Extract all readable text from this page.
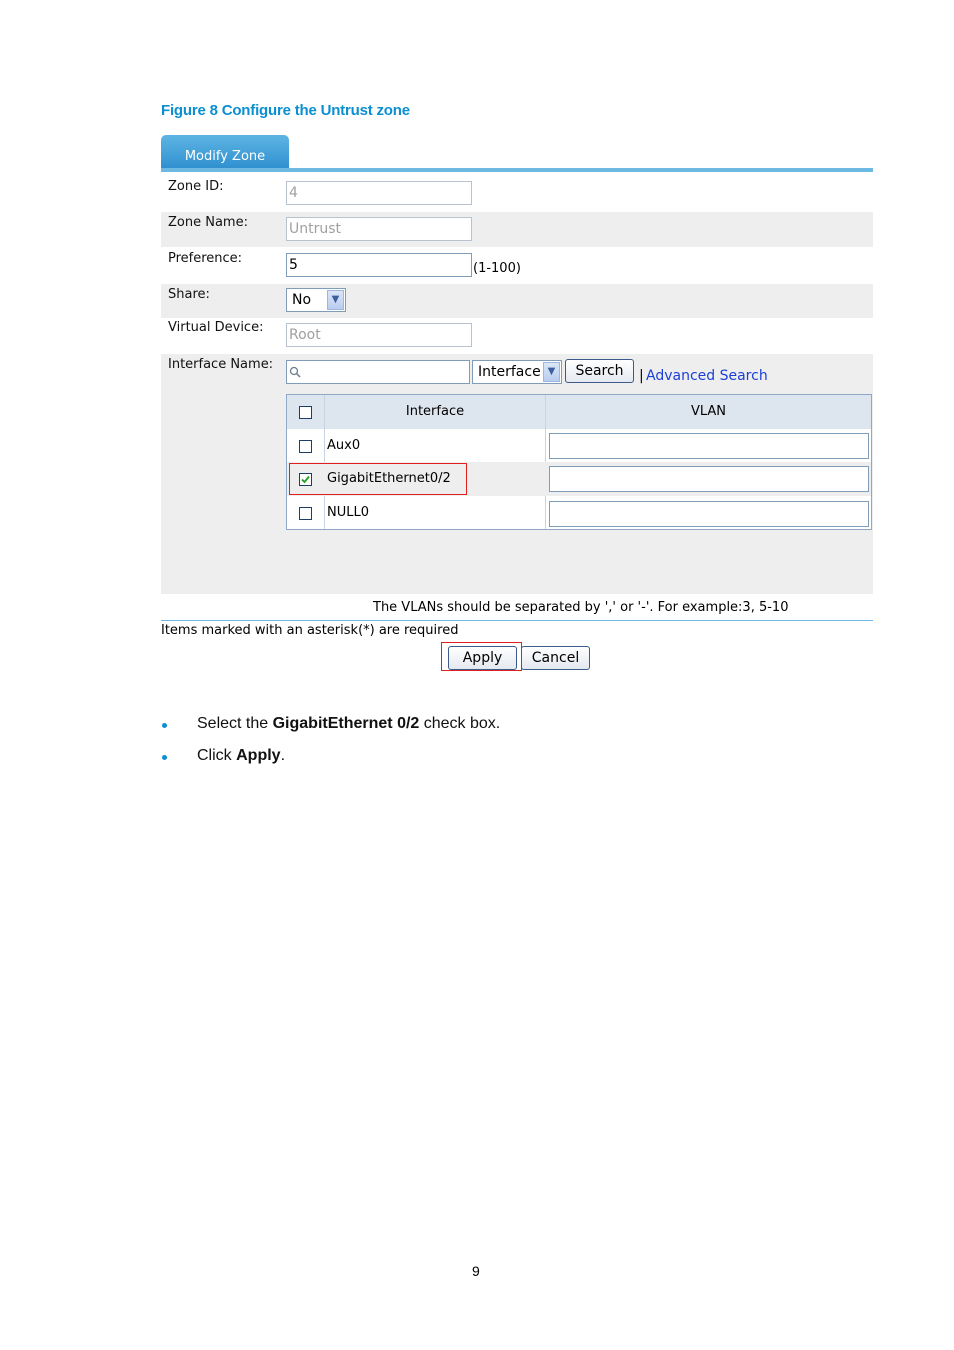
Figure 8 Configure the Untrust zone
Modify Zone
Zone ID:	4
Zone Name:	Untrust
Preference:	5	(1-100)
Share:	No	▼
Virtual Device: Root
Interface Name:	Interface ▼	Search	| Advanced Search
Interface	VLAN
Aux0
GigabitEthernet0/2
NULL0
The VLANs should be separated by ',' or '-'. For example:3, 5-10
Items marked with an asterisk(*) are required
Apply	Cancel
Select the GigabitEthernet 0/2 check box.
Click Apply.
9
